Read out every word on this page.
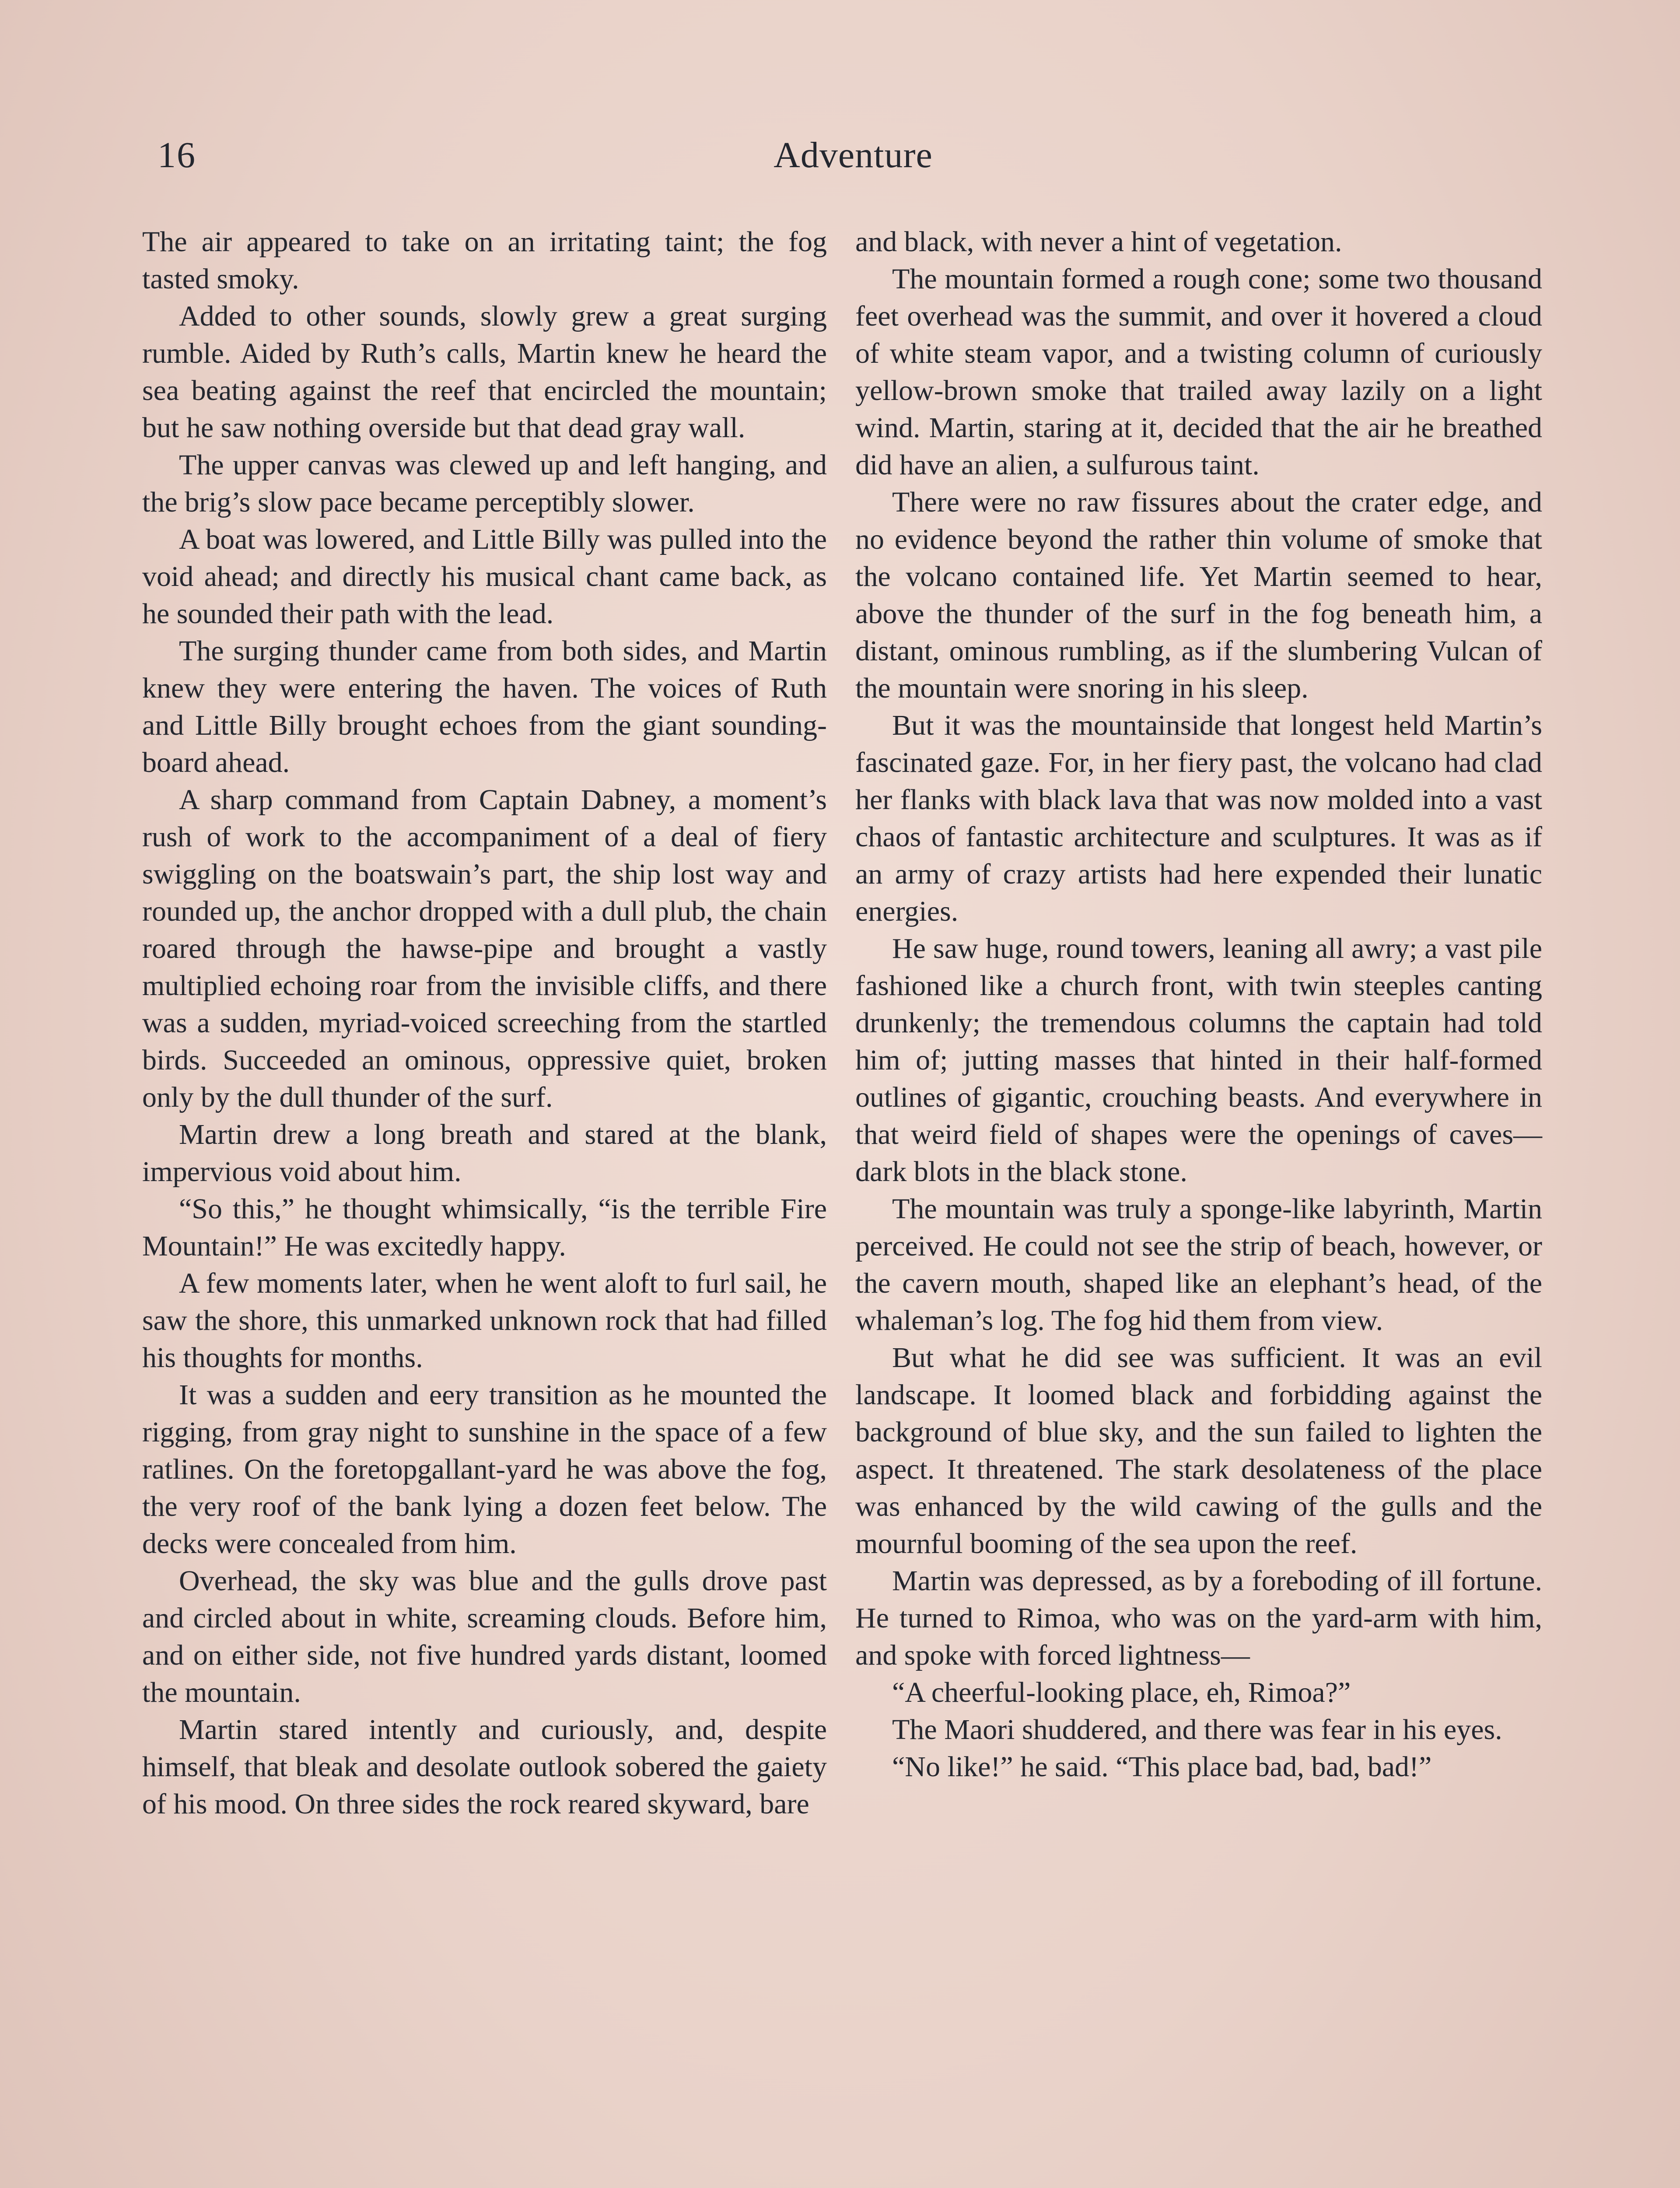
16	Adventure

The air appeared to take on an irritating taint; the fog tasted smoky.

Added to other sounds, slowly grew a great surging rumble. Aided by Ruth’s calls, Martin knew he heard the sea beating against the reef that encircled the mountain; but he saw nothing overside but that dead gray wall.

The upper canvas was clewed up and left hanging, and the brig’s slow pace became perceptibly slower.

A boat was lowered, and Little Billy was pulled into the void ahead; and directly his musical chant came back, as he sounded their path with the lead.

The surging thunder came from both sides, and Martin knew they were entering the haven. The voices of Ruth and Little Billy brought echoes from the giant sounding-board ahead.

A sharp command from Captain Dabney, a moment’s rush of work to the accompaniment of a deal of fiery swiggling on the boatswain’s part, the ship lost way and rounded up, the anchor dropped with a dull plub, the chain roared through the hawse-pipe and brought a vastly multiplied echoing roar from the invisible cliffs, and there was a sudden, myriad-voiced screeching from the startled birds. Succeeded an ominous, oppressive quiet, broken only by the dull thunder of the surf.

Martin drew a long breath and stared at the blank, impervious void about him.

“So this,” he thought whimsically, “is the terrible Fire Mountain!” He was excitedly happy.

A few moments later, when he went aloft to furl sail, he saw the shore, this unmarked unknown rock that had filled his thoughts for months.

It was a sudden and eery transition as he mounted the rigging, from gray night to sunshine in the space of a few ratlines. On the foretopgallant-yard he was above the fog, the very roof of the bank lying a dozen feet below. The decks were concealed from him.

Overhead, the sky was blue and the gulls drove past and circled about in white, screaming clouds. Before him, and on either side, not five hundred yards distant, loomed the mountain.

Martin stared intently and curiously, and, despite himself, that bleak and desolate outlook sobered the gaiety of his mood. On three sides the rock reared skyward, bare

and black, with never a hint of vegetation.

The mountain formed a rough cone; some two thousand feet overhead was the summit, and over it hovered a cloud of white steam vapor, and a twisting column of curiously yellow-brown smoke that trailed away lazily on a light wind. Martin, staring at it, decided that the air he breathed did have an alien, a sulfurous taint.

There were no raw fissures about the crater edge, and no evidence beyond the rather thin volume of smoke that the volcano contained life. Yet Martin seemed to hear, above the thunder of the surf in the fog beneath him, a distant, ominous rumbling, as if the slumbering Vulcan of the mountain were snoring in his sleep.

But it was the mountainside that longest held Martin’s fascinated gaze. For, in her fiery past, the volcano had clad her flanks with black lava that was now molded into a vast chaos of fantastic architecture and sculptures. It was as if an army of crazy artists had here expended their lunatic energies.

He saw huge, round towers, leaning all awry; a vast pile fashioned like a church front, with twin steeples canting drunkenly; the tremendous columns the captain had told him of; jutting masses that hinted in their half-formed outlines of gigantic, crouching beasts. And everywhere in that weird field of shapes were the openings of caves— dark blots in the black stone.

The mountain was truly a sponge-like labyrinth, Martin perceived. He could not see the strip of beach, however, or the cavern mouth, shaped like an elephant’s head, of the whaleman’s log. The fog hid them from view.

But what he did see was sufficient. It was an evil landscape. It loomed black and forbidding against the background of blue sky, and the sun failed to lighten the aspect. It threatened. The stark desolateness of the place was enhanced by the wild cawing of the gulls and the mournful booming of the sea upon the reef.

Martin was depressed, as by a foreboding of ill fortune. He turned to Rimoa, who was on the yard-arm with him, and spoke with forced lightness—

“A cheerful-looking place, eh, Rimoa?”

The Maori shuddered, and there was fear in his eyes.

“No like!” he said. “This place bad, bad, bad!”
